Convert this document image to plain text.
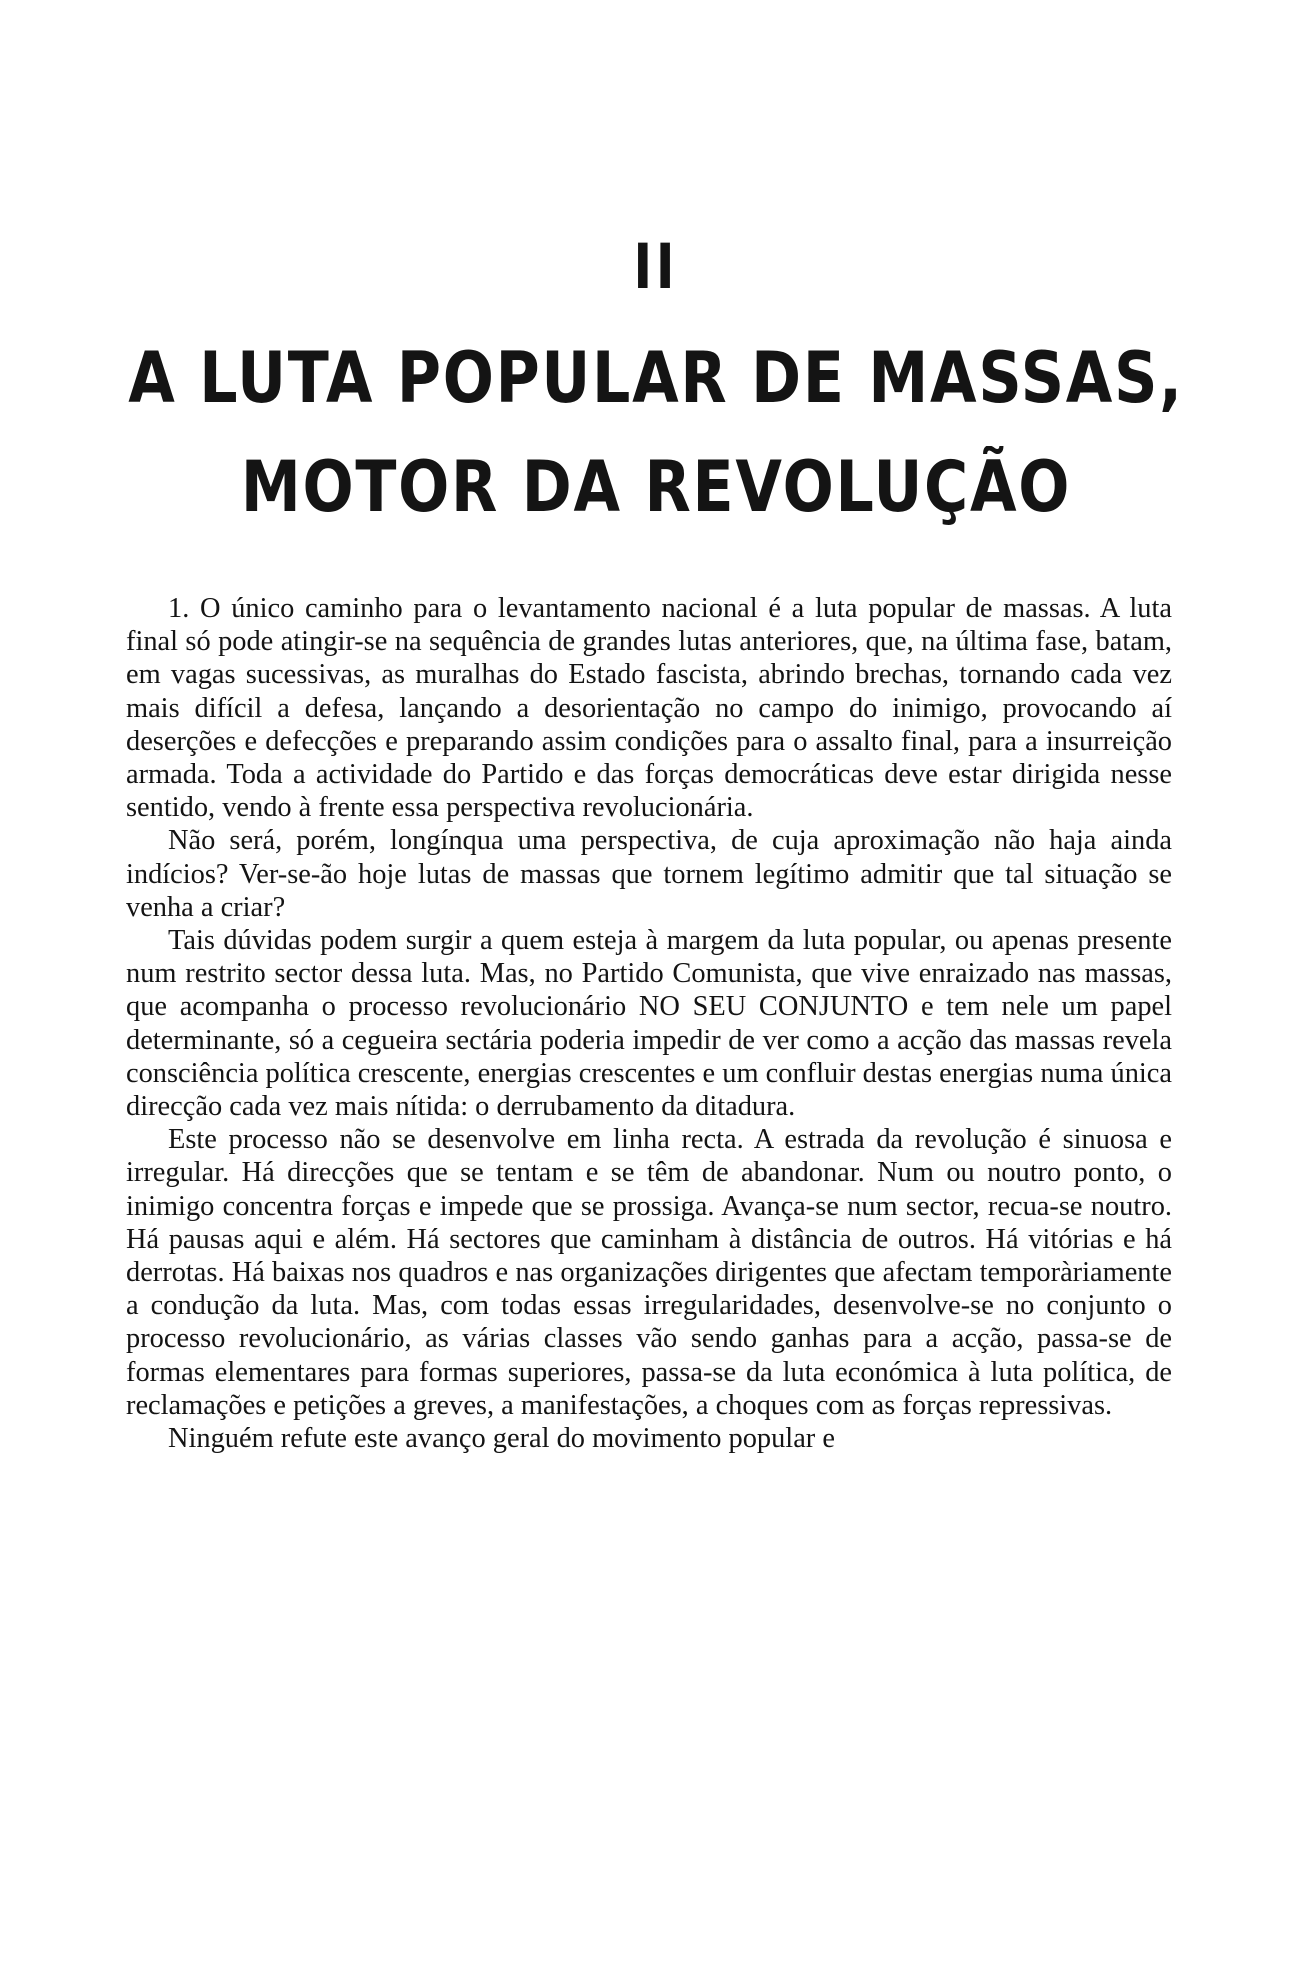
II
A LUTA POPULAR DE MASSAS,
MOTOR DA REVOLUÇÃO

1. O único caminho para o levantamento nacional é a luta popular de massas. A luta final só pode atingir-se na sequência de grandes lutas anteriores, que, na última fase, batam, em vagas sucessivas, as muralhas do Estado fascista, abrindo brechas, tornando cada vez mais difícil a defesa, lançando a desorientação no campo do inimigo, provocando aí deserções e defecções e preparando assim condições para o assalto final, para a insurreição armada. Toda a actividade do Partido e das forças democráticas deve estar dirigida nesse sentido, vendo à frente essa perspectiva revolucionária.

Não será, porém, longínqua uma perspectiva, de cuja aproximação não haja ainda indícios? Ver-se-ão hoje lutas de massas que tornem legítimo admitir que tal situação se venha a criar?

Tais dúvidas podem surgir a quem esteja à margem da luta popular, ou apenas presente num restrito sector dessa luta. Mas, no Partido Comunista, que vive enraizado nas massas, que acompanha o processo revolucionário NO SEU CONJUNTO e tem nele um papel determinante, só a cegueira sectária poderia impedir de ver como a acção das massas revela consciência política crescente, energias crescentes e um confluir destas energias numa única direcção cada vez mais nítida: o derrubamento da ditadura.

Este processo não se desenvolve em linha recta. A estrada da revolução é sinuosa e irregular. Há direcções que se tentam e se têm de abandonar. Num ou noutro ponto, o inimigo concentra forças e impede que se prossiga. Avança-se num sector, recua-se noutro. Há pausas aqui e além. Há sectores que caminham à distância de outros. Há vitórias e há derrotas. Há baixas nos quadros e nas organizações dirigentes que afectam temporàriamente a condução da luta. Mas, com todas essas irregularidades, desenvolve-se no conjunto o processo revolucionário, as várias classes vão sendo ganhas para a acção, passa-se de formas elementares para formas superiores, passa-se da luta económica à luta política, de reclamações e petições a greves, a manifestações, a choques com as forças repressivas.

Ninguém refute este avanço geral do movimento popular e
